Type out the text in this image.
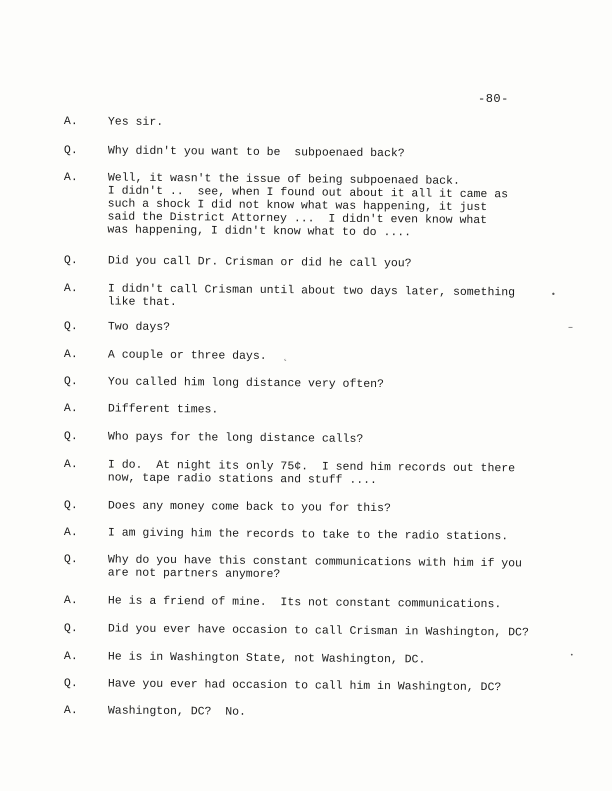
-80-
A.	Yes sir.
Q.	Why didn't you want to be  subpoenaed back?
A.	Well, it wasn't the issue of being subpoenaed back.
I didn't ..  see, when I found out about it all it came as
such a shock I did not know what was happening, it just
said the District Attorney ...  I didn't even know what
was happening, I didn't know what to do ....
Q.	Did you call Dr. Crisman or did he call you?
A.	I didn't call Crisman until about two days later, something
like that.
Q.	Two days?
A.	A couple or three days.
Q.	You called him long distance very often?
A.	Different times.
Q.	Who pays for the long distance calls?
A.	I do.  At night its only 75¢.  I send him records out there
now, tape radio stations and stuff ....
Q.	Does any money come back to you for this?
A.	I am giving him the records to take to the radio stations.
Q.	Why do you have this constant communications with him if you
are not partners anymore?
A.	He is a friend of mine.  Its not constant communications.
Q.	Did you ever have occasion to call Crisman in Washington, DC?
A.	He is in Washington State, not Washington, DC.
Q.	Have you ever had occasion to call him in Washington, DC?
A.	Washington, DC?  No.
•
–
˛
•
